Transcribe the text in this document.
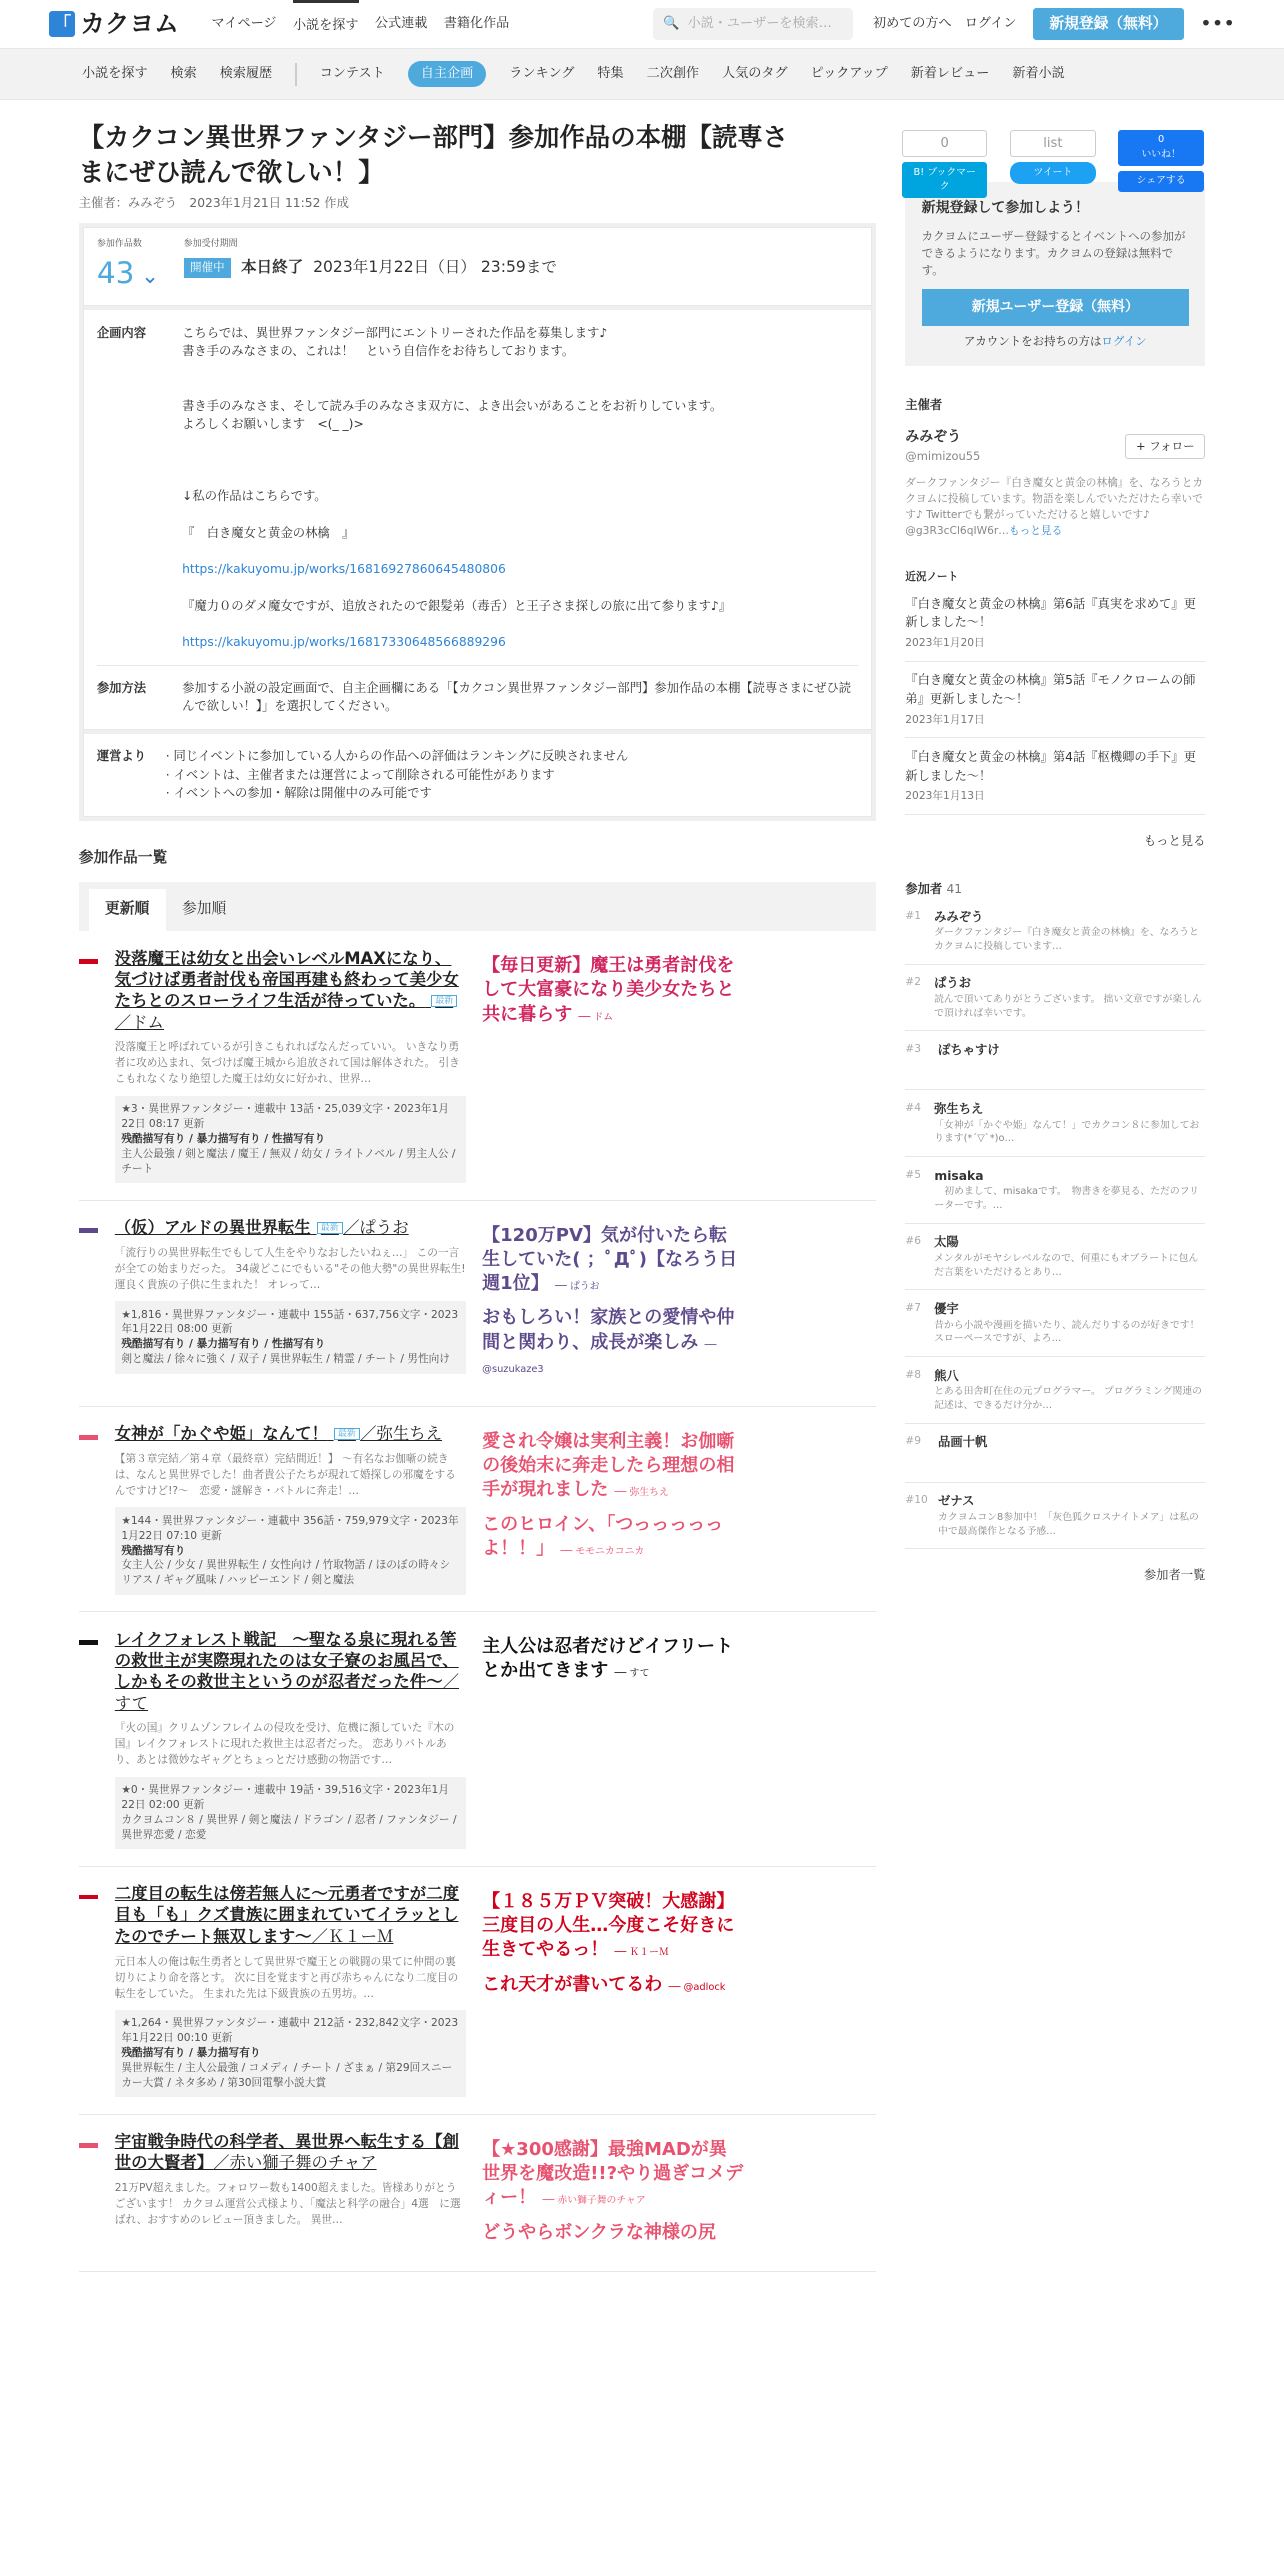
「 カクヨム	マイページ 小説を探す 公式連載 書籍化作品	🔍 小説・ユーザーを検索…	初めての方へ ログイン	新規登録（無料）	•••
小説を探す	検索	検索履歴	コンテスト	自主企画	ランキング	特集	二次創作	人気のタグ	ピックアップ	新着レビュー	新着小説
【カクコン異世界ファンタジー部門】参加作品の本棚【読専さまにぜひ読んで欲しい！】
主催者：みみぞう　2023年1月21日 11:52 作成
0
B! ブックマーク
list
ツイート
0
いいね！
シェアする
参加作品数
43 ⌄
参加受付期間
開催中	本日終了 2023年1月22日（日） 23:59まで
企画内容	こちらでは、異世界ファンタジー部門にエントリーされた作品を募集します♪

書き手のみなさまの、これは！　という自信作をお待ちしております。

書き手のみなさま、そして読み手のみなさま双方に、よき出会いがあることをお祈りしています。

よろしくお願いします　<(_ _)>

↓私の作品はこちらです。

『　白き魔女と黄金の林檎　』

https://kakuyomu.jp/works/16816927860645480806

『魔力０のダメ魔女ですが、追放されたので銀髪弟（毒舌）と王子さま探しの旅に出て参ります♪』

https://kakuyomu.jp/works/16817330648566889296

参加方法	参加する小説の設定画面で、自主企画欄にある「【カクコン異世界ファンタジー部門】参加作品の本棚【読専さまにぜひ読んで欲しい！】」を選択してください。
運営より	· 同じイベントに参加している人からの作品への評価はランキングに反映されません
· イベントは、主催者または運営によって削除される可能性があります
· イベントへの参加・解除は開催中のみ可能です
参加作品一覧
更新順	参加順
没落魔王は幼女と出会いレベルMAXになり、気づけば勇者討伐も帝国再建も終わって美少女たちとのスローライフ生活が待っていた。 最新／ドム
没落魔王と呼ばれているが引きこもれればなんだっていい。 いきなり勇者に攻め込まれ、気づけば魔王城から追放されて国は解体された。 引きこもれなくなり絶望した魔王は幼女に好かれ、世界…
★3・異世界ファンタジー・連載中 13話・25,039文字・2023年1月22日 08:17 更新
残酷描写有り / 暴力描写有り / 性描写有り
主人公最強 / 剣と魔法 / 魔王 / 無双 / 幼女 / ライトノベル / 男主人公 / チート
【毎日更新】魔王は勇者討伐をして大富豪になり美少女たちと共に暮らす ── ドム
（仮）アルドの異世界転生 最新 ／ぱうお
「流行りの異世界転生でもして人生をやりなおしたいねぇ…」 この一言が全ての始まりだった。 34歳どこにでもいる"その他大勢"の異世界転生!運良く貴族の子供に生まれた！ オレって…
★1,816・異世界ファンタジー・連載中 155話・637,756文字・2023年1月22日 08:00 更新
残酷描写有り / 暴力描写有り / 性描写有り
剣と魔法 / 徐々に強く / 双子 / 異世界転生 / 精霊 / チート / 男性向け
【120万PV】気が付いたら転生していた( ；ﾟДﾟ)【なろう日週1位】 ── ぱうお
おもしろい！家族との愛情や仲間と関わり、成長が楽しみ ── @suzukaze3
女神が「かぐや姫」なんて！ 最新 ／弥生ちえ
【第３章完結／第４章（最終章）完結間近！】 ～有名なお伽噺の続きは、なんと異世界でした！曲者貴公子たちが現れて婚探しの邪魔をするんですけど!?～　恋愛・謎解き・バトルに奔走！…
★144・異世界ファンタジー・連載中 356話・759,979文字・2023年1月22日 07:10 更新
残酷描写有り
女主人公 / 少女 / 異世界転生 / 女性向け / 竹取物語 / ほのぼの時々シリアス / ギャグ風味 / ハッピーエンド / 剣と魔法
愛され令嬢は実利主義！お伽噺の後始末に奔走したら理想の相手が現れました ── 弥生ちえ
このヒロイン、「つっっっっっよ！！」 ── モモニカコニカ
レイクフォレスト戦記　～聖なる泉に現れる筈の救世主が実際現れたのは女子寮のお風呂で、しかもその救世主というのが忍者だった件～／すて
『火の国』クリムゾンフレイムの侵攻を受け、危機に瀕していた『木の国』レイクフォレストに現れた救世主は忍者だった。 恋ありバトルあり、あとは微妙なギャグとちょっとだけ感動の物語です…
★0・異世界ファンタジー・連載中 19話・39,516文字・2023年1月22日 02:00 更新
カクヨムコン８ / 異世界 / 剣と魔法 / ドラゴン / 忍者 / ファンタジー / 異世界恋愛 / 恋愛
主人公は忍者だけどイフリートとか出てきます ── すて
二度目の転生は傍若無人に～元勇者ですが二度目も「も」クズ貴族に囲まれていてイラッとしたのでチート無双します～／Ｋ１ーＭ
元日本人の俺は転生勇者として異世界で魔王との戦闘の果てに仲間の裏切りにより命を落とす。 次に目を覚ますと再び赤ちゃんになり二度目の転生をしていた。 生まれた先は下級貴族の五男坊。…
★1,264・異世界ファンタジー・連載中 212話・232,842文字・2023年1月22日 00:10 更新
残酷描写有り / 暴力描写有り
異世界転生 / 主人公最強 / コメディ / チート / ざまぁ / 第29回スニーカー大賞 / ネタ多め / 第30回電撃小説大賞
【１８５万ＰＶ突破！大感謝】三度目の人生…今度こそ好きに生きてやるっ！ ── Ｋ１ーＭ
これ天才が書いてるわ ── @adlock
宇宙戦争時代の科学者、異世界へ転生する【創世の大賢者】／赤い獅子舞のチャア
21万PV超えました。フォロワー数も1400超えました。皆様ありがとうございます！ カクヨム運営公式様より、「魔法と科学の融合」4選　に選ばれ、おすすめのレビュー頂きました。 異世…
【★300感謝】最強MADが異世界を魔改造!!?やり過ぎコメディー！ ── 赤い獅子舞のチャア
どうやらボンクラな神様の尻
新規登録して参加しよう！

カクヨムにユーザー登録するとイベントへの参加ができるようになります。カクヨムの登録は無料です。

新規ユーザー登録（無料）
アカウントをお持ちの方はログイン
主催者
みみぞう
@mimizou55
+ フォロー
ダークファンタジー『白き魔女と黄金の林檎』を、なろうとカクヨムに投稿しています。物語を楽しんでいただけたら幸いです♪ Twitterでも繋がっていただけると嬉しいです♪　@g3R3cCl6qIW6r…もっと見る
近況ノート
『白き魔女と黄金の林檎』第6話『真実を求めて』更新しました～！
2023年1月20日
『白き魔女と黄金の林檎』第5話『モノクロームの師弟』更新しました～！
2023年1月17日
『白き魔女と黄金の林檎』第4話『枢機卿の手下』更新しました～！
2023年1月13日
もっと見る
参加者 41
#1 みみぞう
ダークファンタジー『白き魔女と黄金の林檎』を、なろうとカクヨムに投稿しています…
#2 ぱうお
読んで頂いてありがとうございます。 拙い文章ですが楽しんで頂ければ幸いです。
#3	ぽちゃすけ
#4 弥生ちえ
「女神が「かぐや姫」なんて！」でカクコン８に参加しております(*´▽`*)o…
#5 misaka
　初めまして、misakaです。　物書きを夢見る、ただのフリーターです。…
#6 太陽
メンタルがモヤシレベルなので、何重にもオブラートに包んだ言葉をいただけるとあり…
#7 優宇
昔から小説や漫画を描いたり、読んだりするのが好きです！スローペースですが、よろ…
#8 熊八
とある田舎町在住の元プログラマー。 プログラミング関連の記述は、できるだけ分か…
#9	品画十帆
#10 ゼナス
カクヨムコン8参加中！「灰色狐クロスナイトメア」は私の中で最高傑作となる予感…
参加者一覧
